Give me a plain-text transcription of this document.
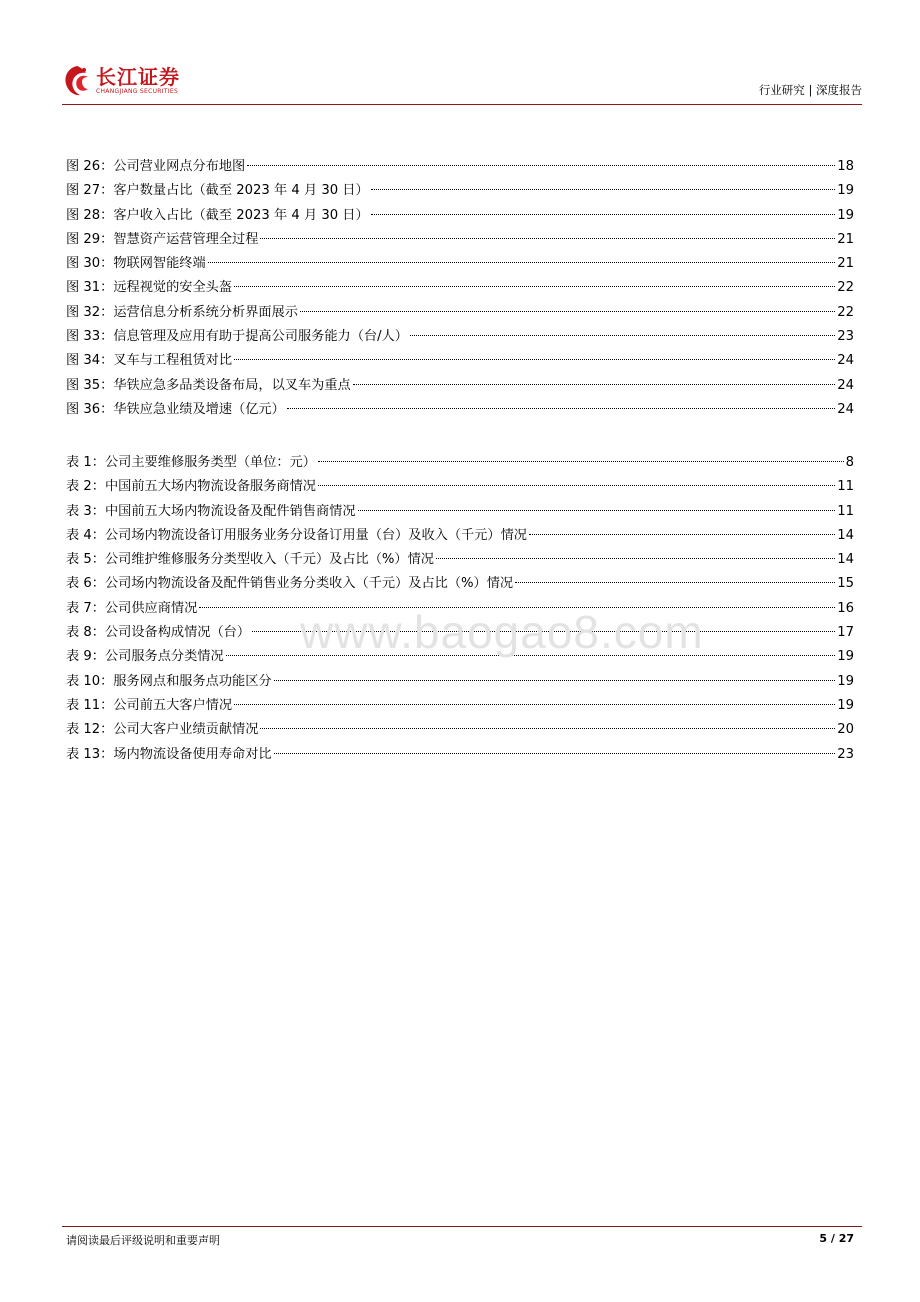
长江证券
CHANGJIANG SECURITIES	行业研究 | 深度报告
图 26：公司营业网点分布地图	18
图 27：客户数量占比（截至 2023 年 4 月 30 日）	19
图 28：客户收入占比（截至 2023 年 4 月 30 日）	19
图 29：智慧资产运营管理全过程	21
图 30：物联网智能终端	21
图 31：远程视觉的安全头盔	22
图 32：运营信息分析系统分析界面展示	22
图 33：信息管理及应用有助于提高公司服务能力（台/人）	23
图 34：叉车与工程租赁对比	24
图 35：华铁应急多品类设备布局，以叉车为重点	24
图 36：华铁应急业绩及增速（亿元）	24
表 1：公司主要维修服务类型（单位：元）	8
表 2：中国前五大场内物流设备服务商情况	11
表 3：中国前五大场内物流设备及配件销售商情况	11
表 4：公司场内物流设备订用服务业务分设备订用量（台）及收入（千元）情况	14
表 5：公司维护维修服务分类型收入（千元）及占比（%）情况	14
表 6：公司场内物流设备及配件销售业务分类收入（千元）及占比（%）情况	15
表 7：公司供应商情况	16
表 8：公司设备构成情况（台）	17
表 9：公司服务点分类情况	19
表 10：服务网点和服务点功能区分	19
表 11：公司前五大客户情况	19
表 12：公司大客户业绩贡献情况	20
表 13：场内物流设备使用寿命对比	23
www.baogao8.com
请阅读最后评级说明和重要声明	5 / 27
